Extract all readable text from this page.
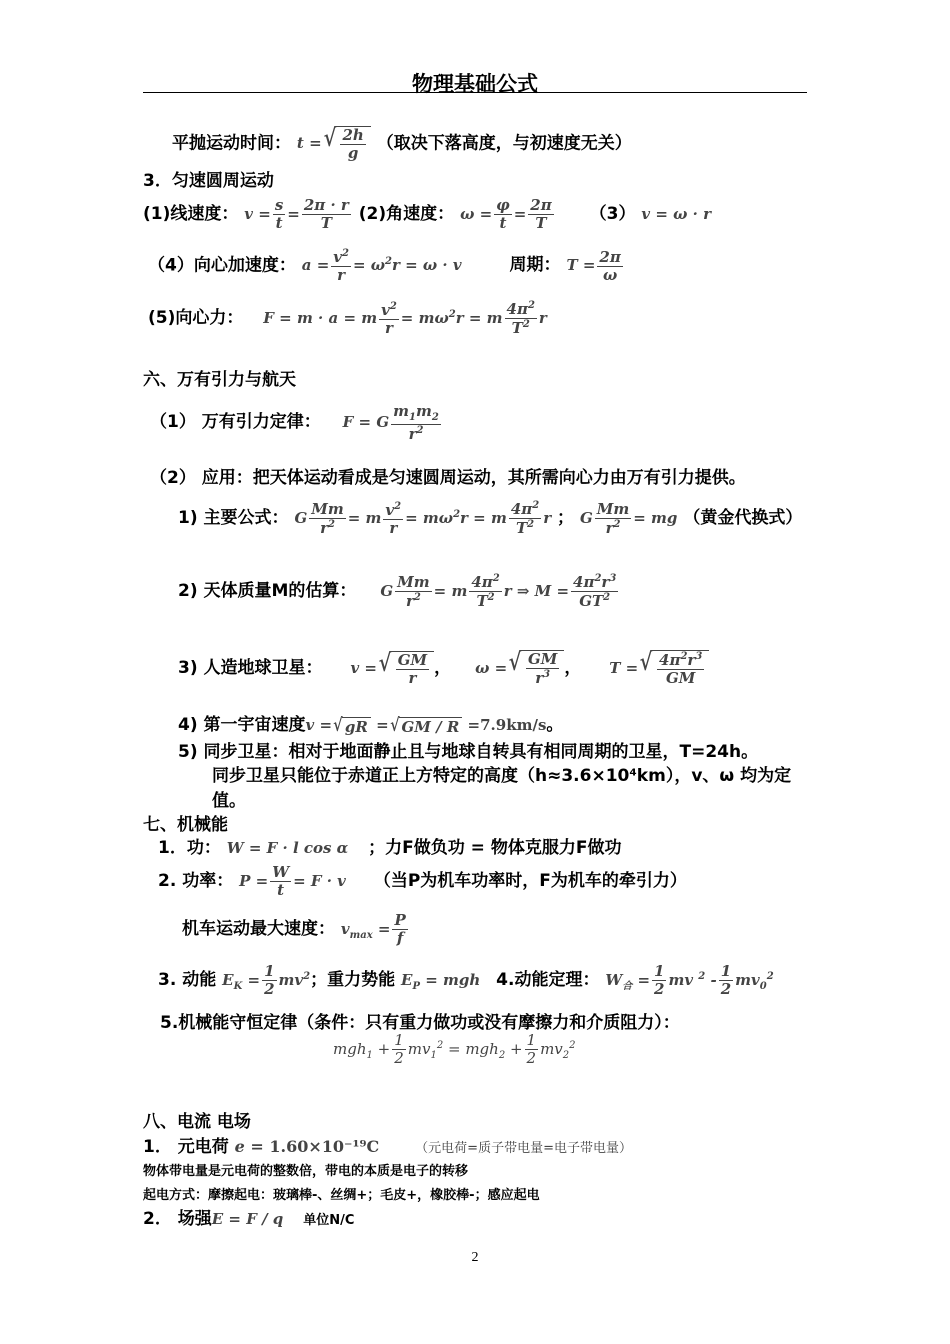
物理基础公式
平抛运动时间： t = √ $\frac{2h}{g}$ （取决下落高度，与初速度无关）
3．匀速圆周运动
(1)线速度： $v = \frac{s}{t} = \frac{2\pi \cdot r}{T} (2)$角速度： $\omega = \frac{\varphi}{t} = \frac{2\pi}{T} (3) v = \omega \cdot r$
（4）向心加速度： $a = \frac{v^2}{r} = \omega^2r = \omega \cdot v$	周期： $T = \frac{2\pi}{\omega}$
(5)向心力： F = m · a = m $\frac{v^2}{r} = m\omega^2r = m \frac{4\pi^2}{T^2}$ r
六、万有引力与航天
（1） 万有引力定律： F = G $\frac{m_1m_2}{r^2}$
（2） 应用：把天体运动看成是匀速圆周运动，其所需向心力由万有引力提供。
1) 主要公式： G $\frac{Mm}{r^2} = m \frac{v^2}{r} = m\omega^2r = m \frac{4\pi^2}{T^2}$ r ； G $\frac{Mm}{r^2}$ = mg （黄金代换式）
2) 天体质量M的估算： G $\frac{Mm}{r^2} = m \frac{4\pi^2}{T^2}$ r ⇒ $M = \frac{4\pi^2r^3}{GT^2}$
3) 人造地球卫星： v = √ $\frac{GM}{r}$ ， ω = √ $\frac{GM}{r^3}$ ， T = √ $\frac{4\pi^2r^3}{GM}$
4) 第一宇宙速度v = √ gR = √ GM / R =7.9km/s。
5) 同步卫星：相对于地面静止且与地球自转具有相同周期的卫星，T=24h。
同步卫星只能位于赤道正上方特定的高度（h≈3.6×10⁴km），v、ω 均为定
值。
七、机械能
1．功： W = F · l cos α ；力F做负功 = 物体克服力F做功
2. 功率： $P = \frac{W}{t} = F \cdot v$ （当P为机车功率时，F为机车的牵引力）
机车运动最大速度： $v_{max} = \frac{P}{f}$
3. 动能 $E_K = \frac{1}{2} mv^2$；重力势能 $E_P$ = mgh 4.动能定理： $W_合 = \frac{1}{2}$ mv $^2 - \frac{1}{2} mv_0^2$
5.机械能守恒定律（条件：只有重力做功或没有摩擦力和介质阻力）：
$mgh_1 + \frac{1}{2} mv_1^2 = mgh_2 + \frac{1}{2} mv_2^2$
八、电流 电场
1． 元电荷 e = 1.60×10⁻¹⁹C	（元电荷=质子带电量=电子带电量）
物体带电量是元电荷的整数倍，带电的本质是电子的转移
起电方式：摩擦起电：玻璃棒-、丝绸+；毛皮+，橡胶棒-；感应起电
2． 场强E = F / q 单位N/C
2
